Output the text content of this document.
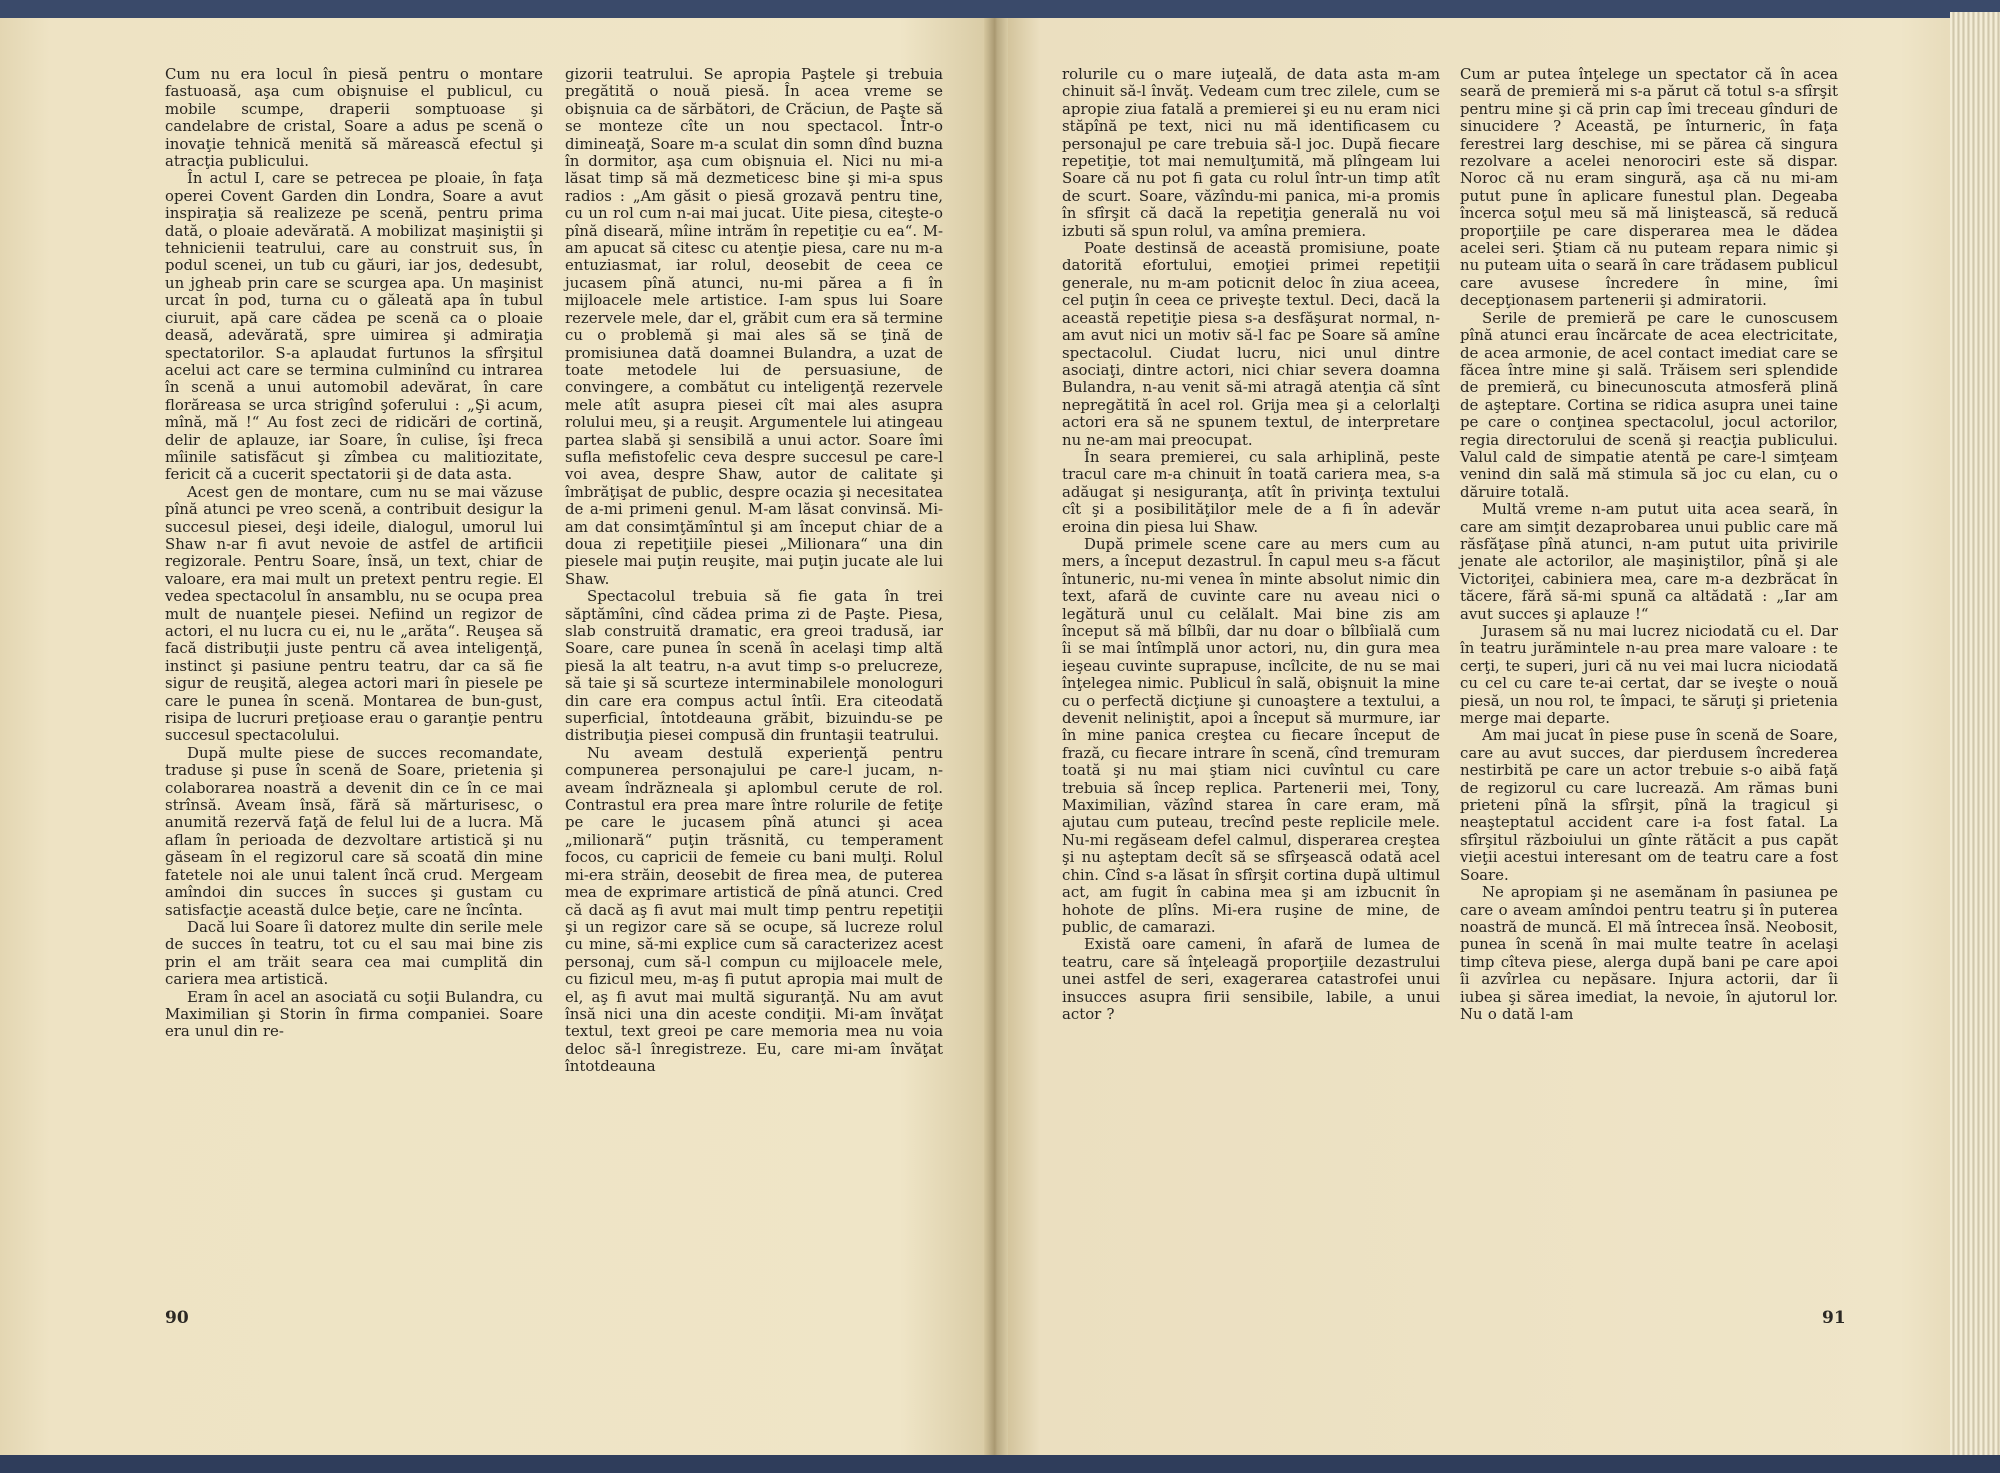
Cum nu era locul în piesă pentru o montare fastuoasă, aşa cum obişnuise el publicul, cu mobile scumpe, draperii somptuoase şi candelabre de cristal, Soare a adus pe scenă o inovaţie tehnică menită să mărească efectul şi atracţia publicului.

În actul I, care se petrecea pe ploaie, în faţa operei Covent Garden din Londra, Soare a avut inspiraţia să realizeze pe scenă, pentru prima dată, o ploaie adevărată. A mobilizat maşiniştii şi tehnicienii teatrului, care au construit sus, în podul scenei, un tub cu găuri, iar jos, dedesubt, un jgheab prin care se scurgea apa. Un maşinist urcat în pod, turna cu o găleată apa în tubul ciuruit, apă care cădea pe scenă ca o ploaie deasă, adevărată, spre uimirea şi admiraţia spectatorilor. S-a aplaudat furtunos la sfîrşitul acelui act care se termina culminînd cu intrarea în scenă a unui automobil adevărat, în care florăreasa se urca strigînd şoferului : „Şi acum, mînă, mă !“ Au fost zeci de ridicări de cortină, delir de aplauze, iar Soare, în culise, îşi freca mîinile satisfăcut şi zîmbea cu malitiozitate, fericit că a cucerit spectatorii şi de data asta.

Acest gen de montare, cum nu se mai văzuse pînă atunci pe vreo scenă, a contribuit desigur la succesul piesei, deşi ideile, dialogul, umorul lui Shaw n-ar fi avut nevoie de astfel de artificii regizorale. Pentru Soare, însă, un text, chiar de valoare, era mai mult un pretext pentru regie. El vedea spectacolul în ansamblu, nu se ocupa prea mult de nuanţele piesei. Nefiind un regizor de actori, el nu lucra cu ei, nu le „arăta“. Reuşea să facă distribuţii juste pentru că avea inteligenţă, instinct şi pasiune pentru teatru, dar ca să fie sigur de reuşită, alegea actori mari în piesele pe care le punea în scenă. Montarea de bun-gust, risipa de lucruri preţioase erau o garanţie pentru succesul spectacolului.

După multe piese de succes recomandate, traduse şi puse în scenă de Soare, prietenia şi colaborarea noastră a devenit din ce în ce mai strînsă. Aveam însă, fără să mărturisesc, o anumită rezervă faţă de felul lui de a lucra. Mă aflam în perioada de dezvoltare artistică şi nu găseam în el regizorul care să scoată din mine fatetele noi ale unui talent încă crud. Mergeam amîndoi din succes în succes şi gustam cu satisfacţie această dulce beţie, care ne încînta.

Dacă lui Soare îi datorez multe din serile mele de succes în teatru, tot cu el sau mai bine zis prin el am trăit seara cea mai cumplită din cariera mea artistică.

Eram în acel an asociată cu soţii Bulandra, cu Maximilian şi Storin în firma companiei. Soare era unul din re-

gizorii teatrului. Se apropia Paştele şi trebuia pregătită o nouă piesă. În acea vreme se obişnuia ca de sărbători, de Crăciun, de Paşte să se monteze cîte un nou spectacol. Într-o dimineaţă, Soare m-a sculat din somn dînd buzna în dormitor, aşa cum obişnuia el. Nici nu mi-a lăsat timp să mă dezmeticesc bine şi mi-a spus radios : „Am găsit o piesă grozavă pentru tine, cu un rol cum n-ai mai jucat. Uite piesa, citeşte-o pînă diseară, mîine intrăm în repetiţie cu ea“. M-am apucat să citesc cu atenţie piesa, care nu m-a entuziasmat, iar rolul, deosebit de ceea ce jucasem pînă atunci, nu-mi părea a fi în mijloacele mele artistice. I-am spus lui Soare rezervele mele, dar el, grăbit cum era să termine cu o problemă şi mai ales să se ţină de promisiunea dată doamnei Bulandra, a uzat de toate metodele lui de persuasiune, de convingere, a combătut cu inteligenţă rezervele mele atît asupra piesei cît mai ales asupra rolului meu, şi a reuşit. Argumentele lui atingeau partea slabă şi sensibilă a unui actor. Soare îmi sufla mefistofelic ceva despre succesul pe care-l voi avea, despre Shaw, autor de calitate şi îmbrăţişat de public, despre ocazia şi necesitatea de a-mi primeni genul. M-am lăsat convinsă. Mi-am dat consimţămîntul şi am început chiar de a doua zi repetiţiile piesei „Milionara“ una din piesele mai puţin reuşite, mai puţin jucate ale lui Shaw.

Spectacolul trebuia să fie gata în trei săptămîni, cînd cădea prima zi de Paşte. Piesa, slab construită dramatic, era greoi tradusă, iar Soare, care punea în scenă în acelaşi timp altă piesă la alt teatru, n-a avut timp s-o prelucreze, să taie şi să scurteze interminabilele monologuri din care era compus actul întîi. Era citeodată superficial, întotdeauna grăbit, bizuindu-se pe distribuţia piesei compusă din fruntaşii teatrului.

Nu aveam destulă experienţă pentru compunerea personajului pe care-l jucam, n-aveam îndrăzneala şi aplombul cerute de rol. Contrastul era prea mare între rolurile de fetiţe pe care le jucasem pînă atunci şi acea „milionară“ puţin trăsnită, cu temperament focos, cu capricii de femeie cu bani mulţi. Rolul mi-era străin, deosebit de firea mea, de puterea mea de exprimare artistică de pînă atunci. Cred că dacă aş fi avut mai mult timp pentru repetiţii şi un regizor care să se ocupe, să lucreze rolul cu mine, să-mi explice cum să caracterizez acest personaj, cum să-l compun cu mijloacele mele, cu fizicul meu, m-aş fi putut apropia mai mult de el, aş fi avut mai multă siguranţă. Nu am avut însă nici una din aceste condiţii. Mi-am învăţat textul, text greoi pe care memoria mea nu voia deloc să-l înregistreze. Eu, care mi-am învăţat întotdeauna

rolurile cu o mare iuţeală, de data asta m-am chinuit să-l învăţ. Vedeam cum trec zilele, cum se apropie ziua fatală a premierei şi eu nu eram nici stăpînă pe text, nici nu mă identificasem cu personajul pe care trebuia să-l joc. După fiecare repetiţie, tot mai nemulţumită, mă plîngeam lui Soare că nu pot fi gata cu rolul într-un timp atît de scurt. Soare, văzîndu-mi panica, mi-a promis în sfîrşit că dacă la repetiţia generală nu voi izbuti să spun rolul, va amîna premiera.

Poate destinsă de această promisiune, poate datorită efortului, emoţiei primei repetiţii generale, nu m-am poticnit deloc în ziua aceea, cel puţin în ceea ce priveşte textul. Deci, dacă la această repetiţie piesa s-a desfăşurat normal, n-am avut nici un motiv să-l fac pe Soare să amîne spectacolul. Ciudat lucru, nici unul dintre asociaţi, dintre actori, nici chiar severa doamna Bulandra, n-au venit să-mi atragă atenţia că sînt nepregătită în acel rol. Grija mea şi a celorlalţi actori era să ne spunem textul, de interpretare nu ne-am mai preocupat.

În seara premierei, cu sala arhiplină, peste tracul care m-a chinuit în toată cariera mea, s-a adăugat şi nesiguranţa, atît în privinţa textului cît şi a posibilităţilor mele de a fi în adevăr eroina din piesa lui Shaw.

După primele scene care au mers cum au mers, a început dezastrul. În capul meu s-a făcut întuneric, nu-mi venea în minte absolut nimic din text, afară de cuvinte care nu aveau nici o legătură unul cu celălalt. Mai bine zis am început să mă bîlbîi, dar nu doar o bîlbîială cum îi se mai întîmplă unor actori, nu, din gura mea ieşeau cuvinte suprapuse, incîlcite, de nu se mai înţelegea nimic. Publicul în sală, obişnuit la mine cu o perfectă dicţiune şi cunoaştere a textului, a devenit neliniştit, apoi a început să murmure, iar în mine panica creştea cu fiecare început de frază, cu fiecare intrare în scenă, cînd tremuram toată şi nu mai ştiam nici cuvîntul cu care trebuia să încep replica. Partenerii mei, Tony, Maximilian, văzînd starea în care eram, mă ajutau cum puteau, trecînd peste replicile mele. Nu-mi regăseam defel calmul, disperarea creştea şi nu aşteptam decît să se sfîrşească odată acel chin. Cînd s-a lăsat în sfîrşit cortina după ultimul act, am fugit în cabina mea şi am izbucnit în hohote de plîns. Mi-era ruşine de mine, de public, de camarazi.

Există oare cameni, în afară de lumea de teatru, care să înţeleagă proporţiile dezastrului unei astfel de seri, exagerarea catastrofei unui insucces asupra firii sensibile, labile, a unui actor ?

Cum ar putea înţelege un spectator că în acea seară de premieră mi s-a părut că totul s-a sfîrşit pentru mine şi că prin cap îmi treceau gînduri de sinucidere ? Această, pe înturneric, în faţa ferestrei larg deschise, mi se părea că singura rezolvare a acelei nenorociri este să dispar. Noroc că nu eram singură, aşa că nu mi-am putut pune în aplicare funestul plan. Degeaba încerca soţul meu să mă liniştească, să reducă proporţiile pe care disperarea mea le dădea acelei seri. Ştiam că nu puteam repara nimic şi nu puteam uita o seară în care trădasem publicul care avusese încredere în mine, îmi decepţionasem partenerii şi admiratorii.

Serile de premieră pe care le cunoscusem pînă atunci erau încărcate de acea electricitate, de acea armonie, de acel contact imediat care se făcea între mine şi sală. Trăisem seri splendide de premieră, cu binecunoscuta atmosferă plină de aşteptare. Cortina se ridica asupra unei taine pe care o conţinea spectacolul, jocul actorilor, regia directorului de scenă şi reacţia publicului. Valul cald de simpatie atentă pe care-l simţeam venind din sală mă stimula să joc cu elan, cu o dăruire totală.

Multă vreme n-am putut uita acea seară, în care am simţit dezaprobarea unui public care mă răsfăţase pînă atunci, n-am putut uita privirile jenate ale actorilor, ale maşiniştilor, pînă şi ale Victoriţei, cabiniera mea, care m-a dezbrăcat în tăcere, fără să-mi spună ca altădată : „Iar am avut succes şi aplauze !“

Jurasem să nu mai lucrez niciodată cu el. Dar în teatru jurămintele n-au prea mare valoare : te cerţi, te superi, juri că nu vei mai lucra niciodată cu cel cu care te-ai certat, dar se iveşte o nouă piesă, un nou rol, te împaci, te săruţi şi prietenia merge mai departe.

Am mai jucat în piese puse în scenă de Soare, care au avut succes, dar pierdusem încrederea nestirbită pe care un actor trebuie s-o aibă faţă de regizorul cu care lucrează. Am rămas buni prieteni pînă la sfîrşit, pînă la tragicul şi neaşteptatul accident care i-a fost fatal. La sfîrşitul războiului un gînte rătăcit a pus capăt vieţii acestui interesant om de teatru care a fost Soare.

Ne apropiam şi ne asemănam în pasiunea pe care o aveam amîndoi pentru teatru şi în puterea noastră de muncă. El mă întrecea însă. Neobosit, punea în scenă în mai multe teatre în acelaşi timp cîteva piese, alerga după bani pe care apoi îi azvîrlea cu nepăsare. Injura actorii, dar îi iubea şi sărea imediat, la nevoie, în ajutorul lor. Nu o dată l-am

90	91
